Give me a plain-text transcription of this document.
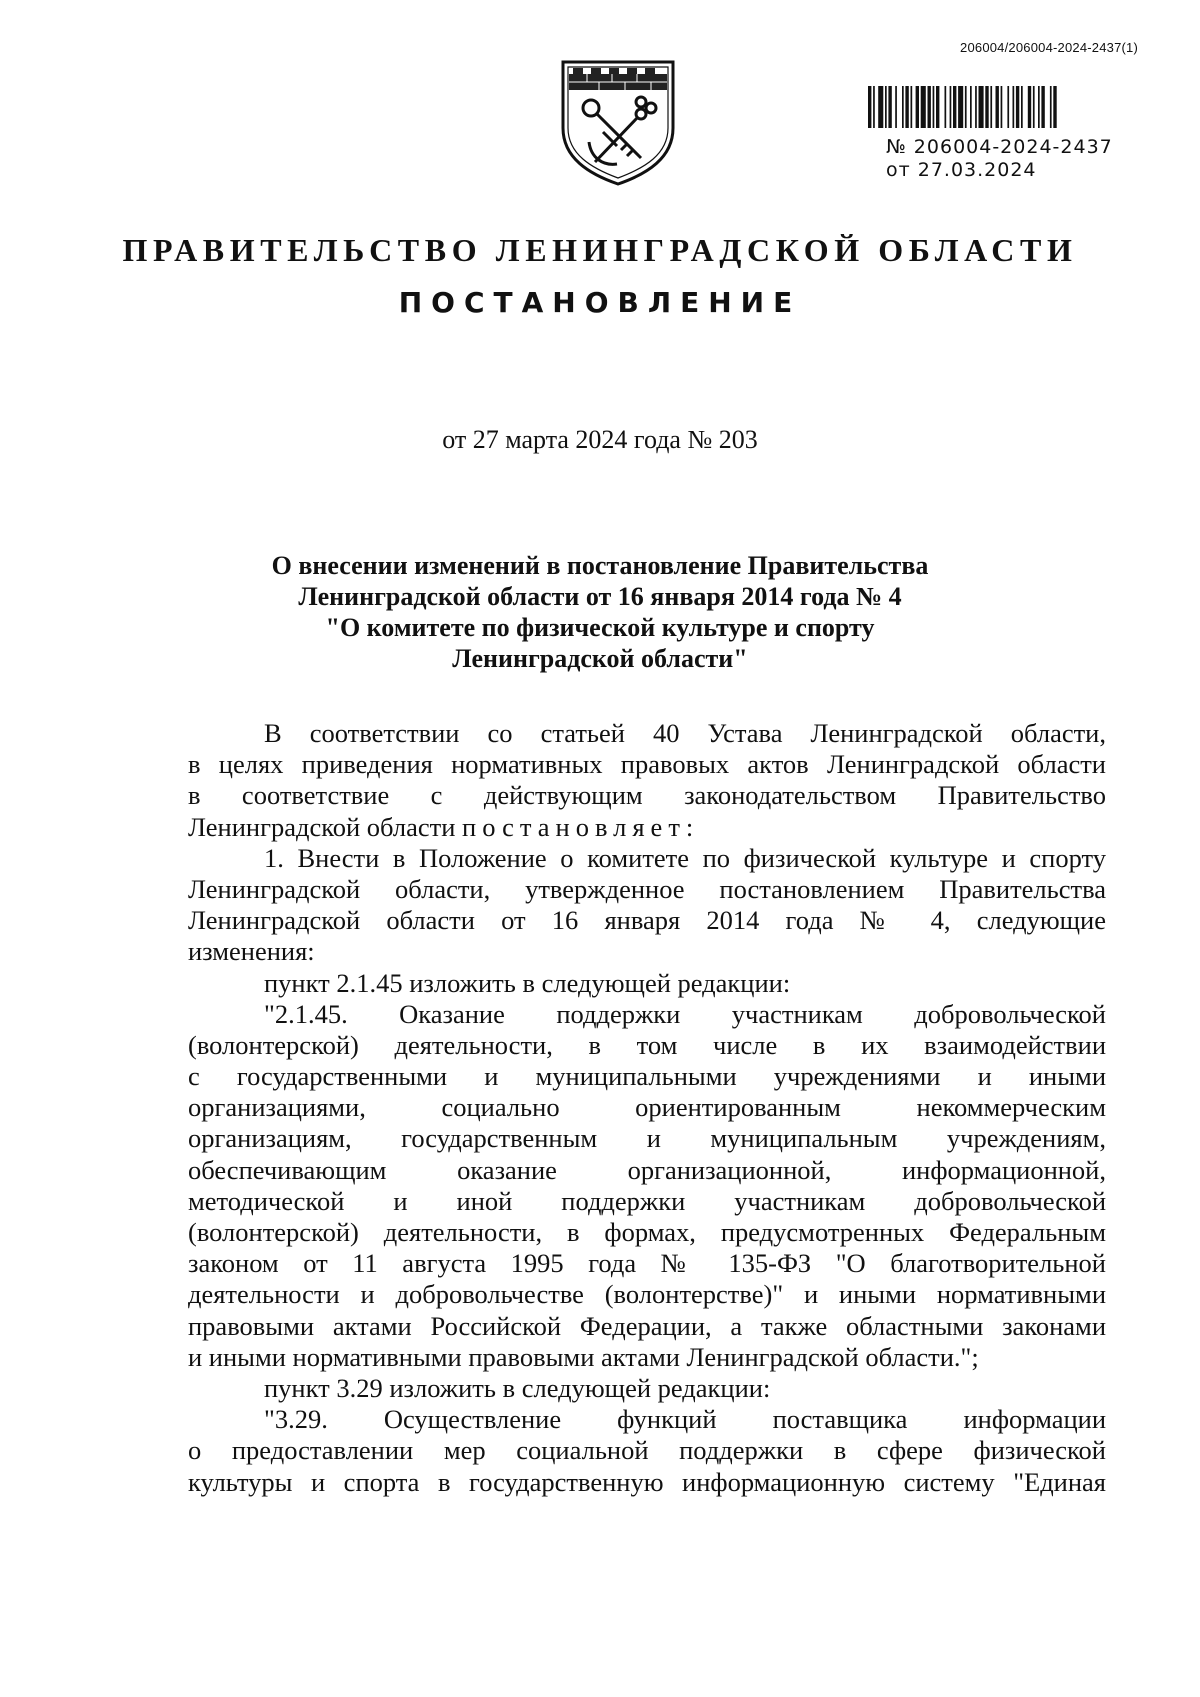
206004/206004-2024-2437(1)
№ 206004-2024-2437
от 27.03.2024
ПРАВИТЕЛЬСТВО ЛЕНИНГРАДСКОЙ ОБЛАСТИ
ПОСТАНОВЛЕНИЕ
от 27 марта 2024 года № 203
О внесении изменений в постановление Правительства
Ленинградской области от 16 января 2014 года № 4
"О комитете по физической культуре и спорту
Ленинградской области"
В соответствии со статьей 40 Устава Ленинградской области,
в целях приведения нормативных правовых актов Ленинградской области
в соответствие с действующим законодательством Правительство
Ленинградской области постановляет:
1. Внести в Положение о комитете по физической культуре и спорту
Ленинградской области, утвержденное постановлением Правительства
Ленинградской области от 16 января 2014 года № 4, следующие
изменения:
пункт 2.1.45 изложить в следующей редакции:
"2.1.45. Оказание поддержки участникам добровольческой
(волонтерской) деятельности, в том числе в их взаимодействии
с государственными и муниципальными учреждениями и иными
организациями, социально ориентированным некоммерческим
организациям, государственным и муниципальным учреждениям,
обеспечивающим оказание организационной, информационной,
методической и иной поддержки участникам добровольческой
(волонтерской) деятельности, в формах, предусмотренных Федеральным
законом от 11 августа 1995 года № 135-ФЗ "О благотворительной
деятельности и добровольчестве (волонтерстве)" и иными нормативными
правовыми актами Российской Федерации, а также областными законами
и иными нормативными правовыми актами Ленинградской области.";
пункт 3.29 изложить в следующей редакции:
"3.29. Осуществление функций поставщика информации
о предоставлении мер социальной поддержки в сфере физической
культуры и спорта в государственную информационную систему "Единая
